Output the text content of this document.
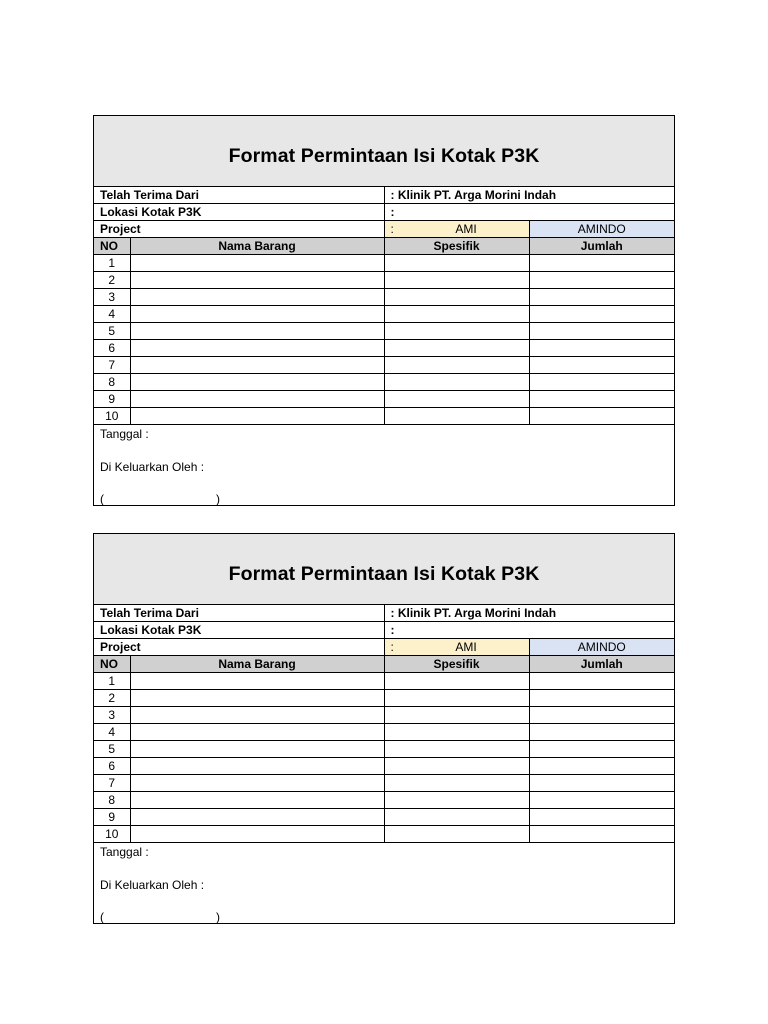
Format Permintaan Isi Kotak P3K
Telah Terima Dari		: Klinik PT. Arga Morini Indah	
Lokasi Kotak P3K		:	
Project		: AMI	AMINDO
NO	Nama Barang	Spesifik	Jumlah
1			
2			
3			
4			
5			
6			
7			
8			
9			
10			
Tanggal :
Di Keluarkan Oleh :
(	)
Format Permintaan Isi Kotak P3K
Telah Terima Dari		: Klinik PT. Arga Morini Indah	
Lokasi Kotak P3K		:	
Project		: AMI	AMINDO
NO	Nama Barang	Spesifik	Jumlah
1			
2			
3			
4			
5			
6			
7			
8			
9			
10			
Tanggal :
Di Keluarkan Oleh :
(	)
